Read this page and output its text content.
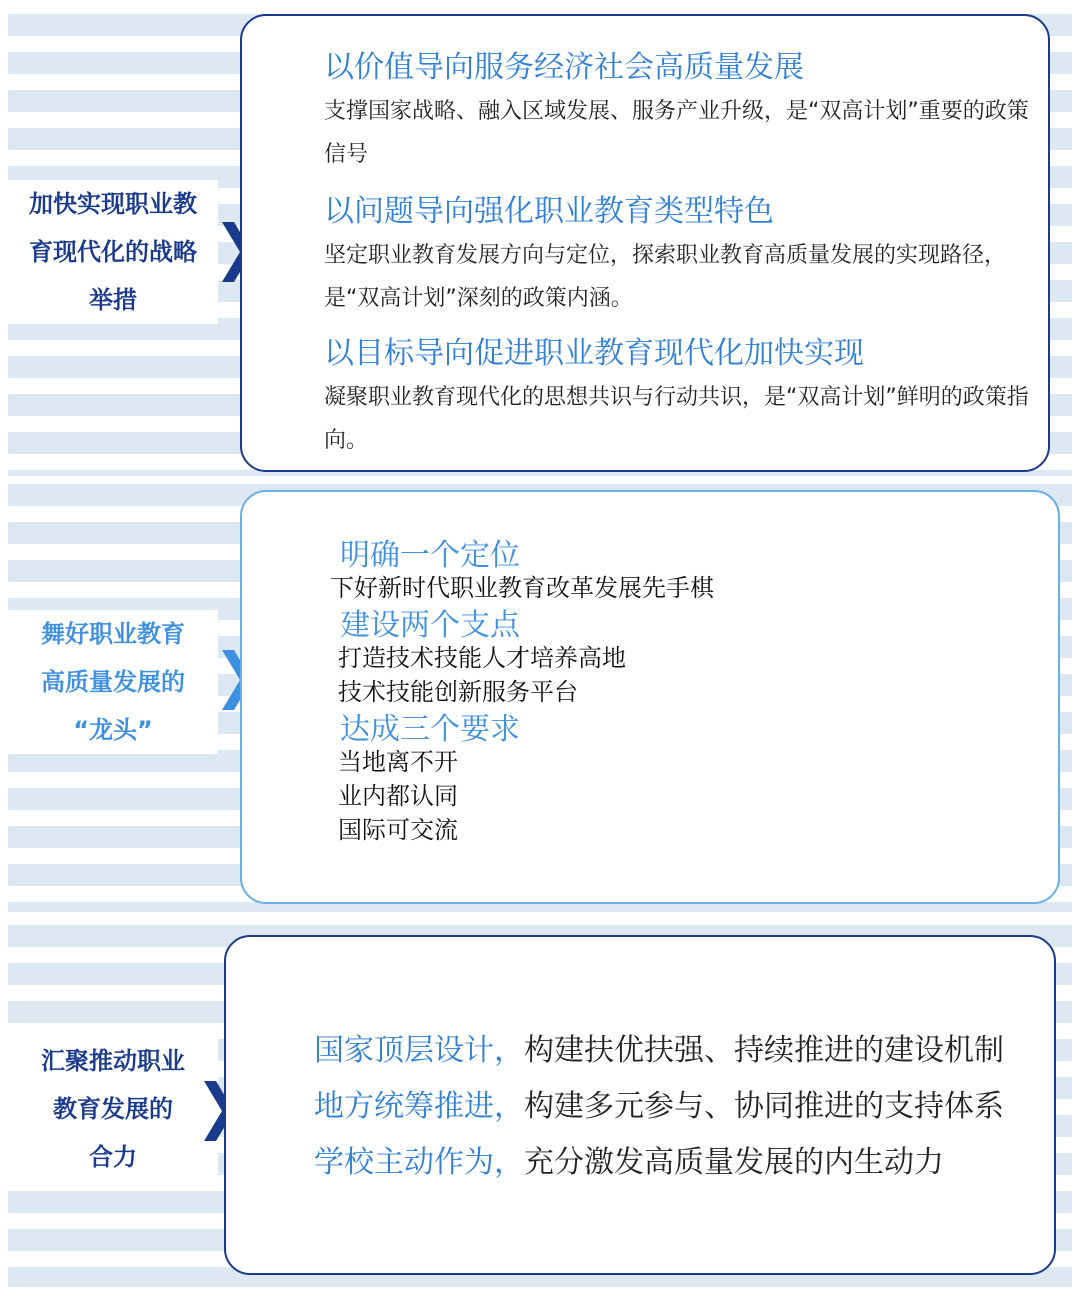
加快实现职业教
育现代化的战略
举措
以价值导向服务经济社会高质量发展
支撑国家战略、融入区域发展、服务产业升级，是“双高计划”重要的政策信号
以问题导向强化职业教育类型特色
坚定职业教育发展方向与定位，探索职业教育高质量发展的实现路径，是“双高计划”深刻的政策内涵。
以目标导向促进职业教育现代化加快实现
凝聚职业教育现代化的思想共识与行动共识，是“双高计划”鲜明的政策指向。
舞好职业教育
高质量发展的
“龙头”
明确一个定位
下好新时代职业教育改革发展先手棋
建设两个支点
打造技术技能人才培养高地
技术技能创新服务平台
达成三个要求
当地离不开
业内都认同
国际可交流
汇聚推动职业
教育发展的
合力
国家顶层设计，构建扶优扶强、持续推进的建设机制
地方统筹推进，构建多元参与、协同推进的支持体系
学校主动作为，充分激发高质量发展的内生动力
